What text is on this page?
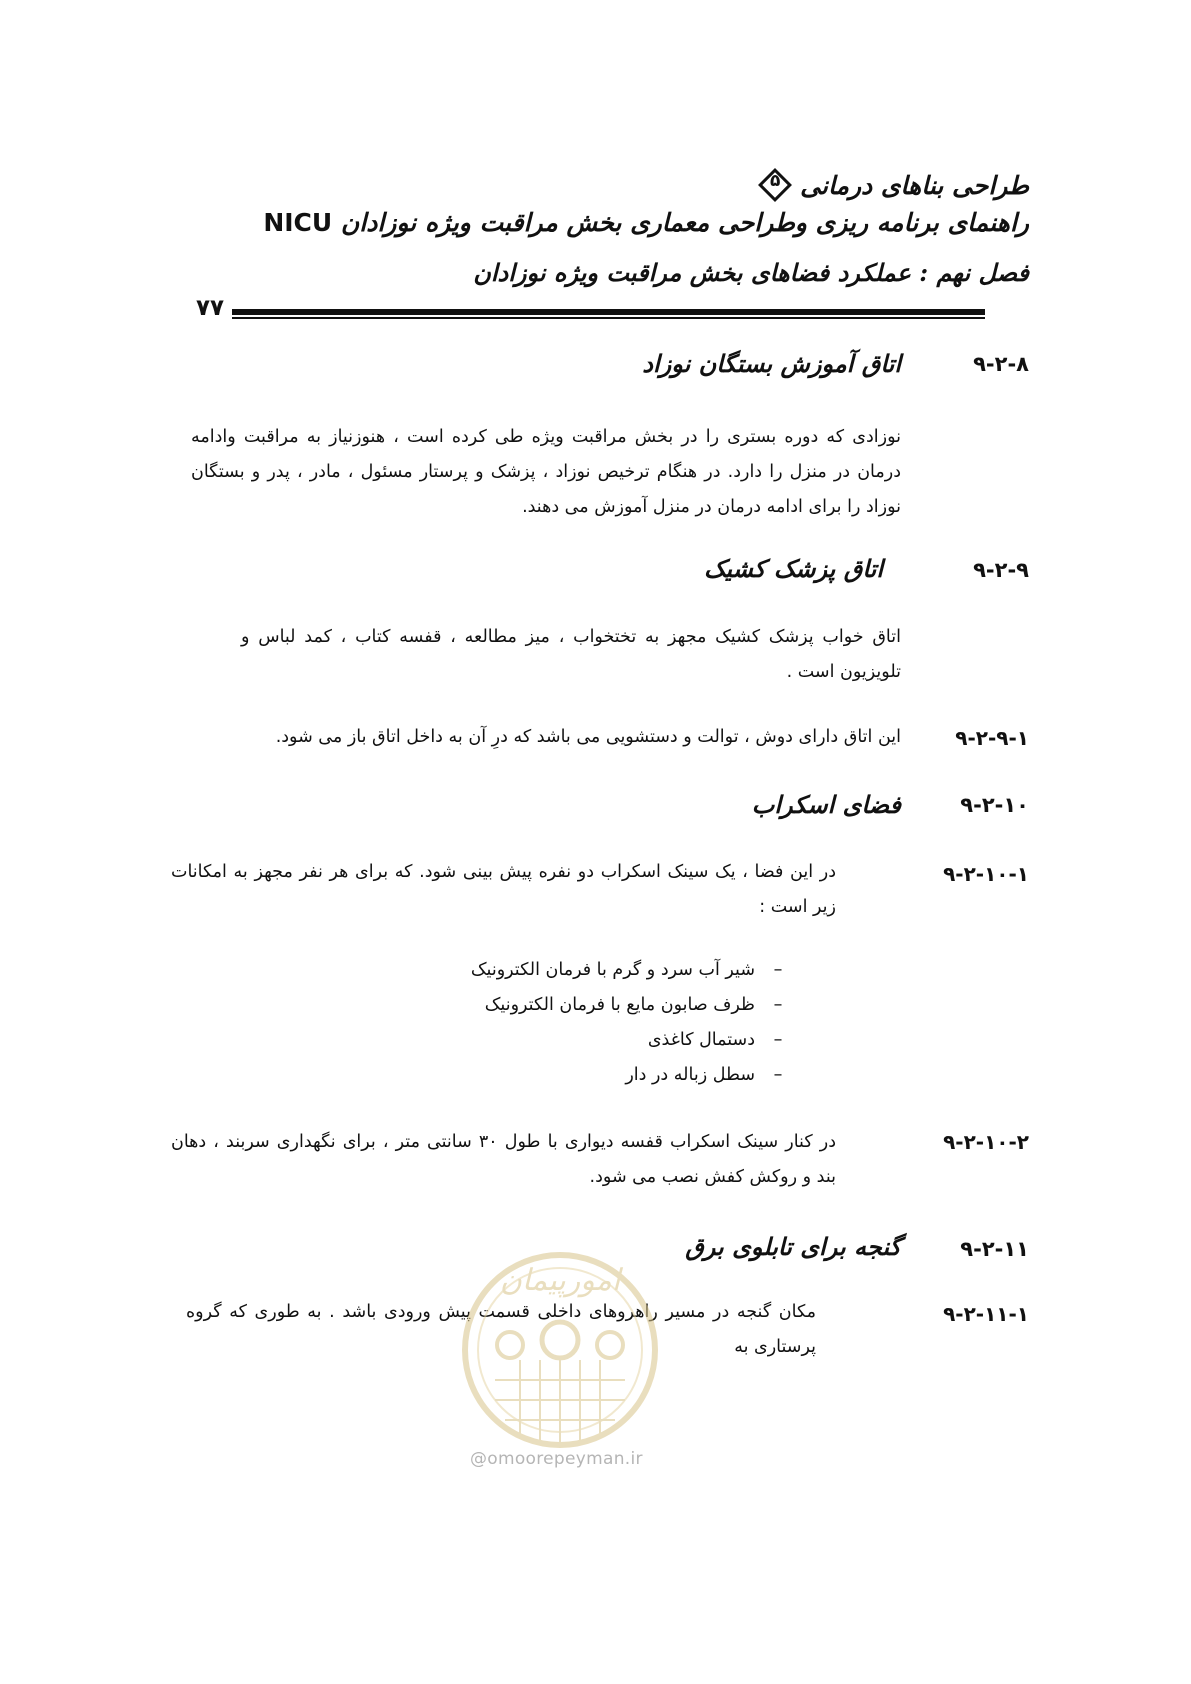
طراحی بناهای درمانی
۵
راهنمای برنامه ریزی وطراحی معماری بخش مراقبت ویژه نوزادان NICU
فصل نهم : عملکرد فضاهای بخش مراقبت ویژه نوزادان
۷۷
۹-۲-۸
اتاق آموزش بستگان نوزاد
نوزادی که دوره بستری را در بخش مراقبت ویژه طی کرده است ، هنوزنیاز به مراقبت وادامه درمان در منزل را دارد. در هنگام ترخیص نوزاد ، پزشک و پرستار مسئول ، مادر ، پدر و بستگان نوزاد را برای ادامه درمان در منزل آموزش می دهند.
۹-۲-۹
اتاق پزشک کشیک
اتاق خواب پزشک کشیک مجهز به تختخواب ، میز مطالعه ، قفسه کتاب ، کمد لباس و تلویزیون است .
۹-۲-۹-۱
این اتاق دارای دوش ، توالت و دستشویی می باشد که درِ آن به داخل اتاق باز می شود.
۹-۲-۱۰
فضای اسکراب
۹-۲-۱۰-۱
در این فضا ، یک سینک اسکراب دو نفره پیش بینی شود. که برای هر نفر مجهز به امکانات زیر است :
–شیر آب سرد و گرم با فرمان الکترونیک
–ظرف صابون مایع با فرمان الکترونیک
–دستمال کاغذی
–سطل زباله در دار
۹-۲-۱۰-۲
در کنار سینک اسکراب قفسه دیواری با طول ۳۰ سانتی متر ، برای نگهداری سربند ، دهان بند و روکش کفش نصب می شود.
۹-۲-۱۱
گنجه برای تابلوی برق
۹-۲-۱۱-۱
مکان گنجه در مسیر راهروهای داخلی قسمت پیش ورودی باشد . به طوری که گروه پرستاری به
امورپیمان
@omoorepeyman.ir
